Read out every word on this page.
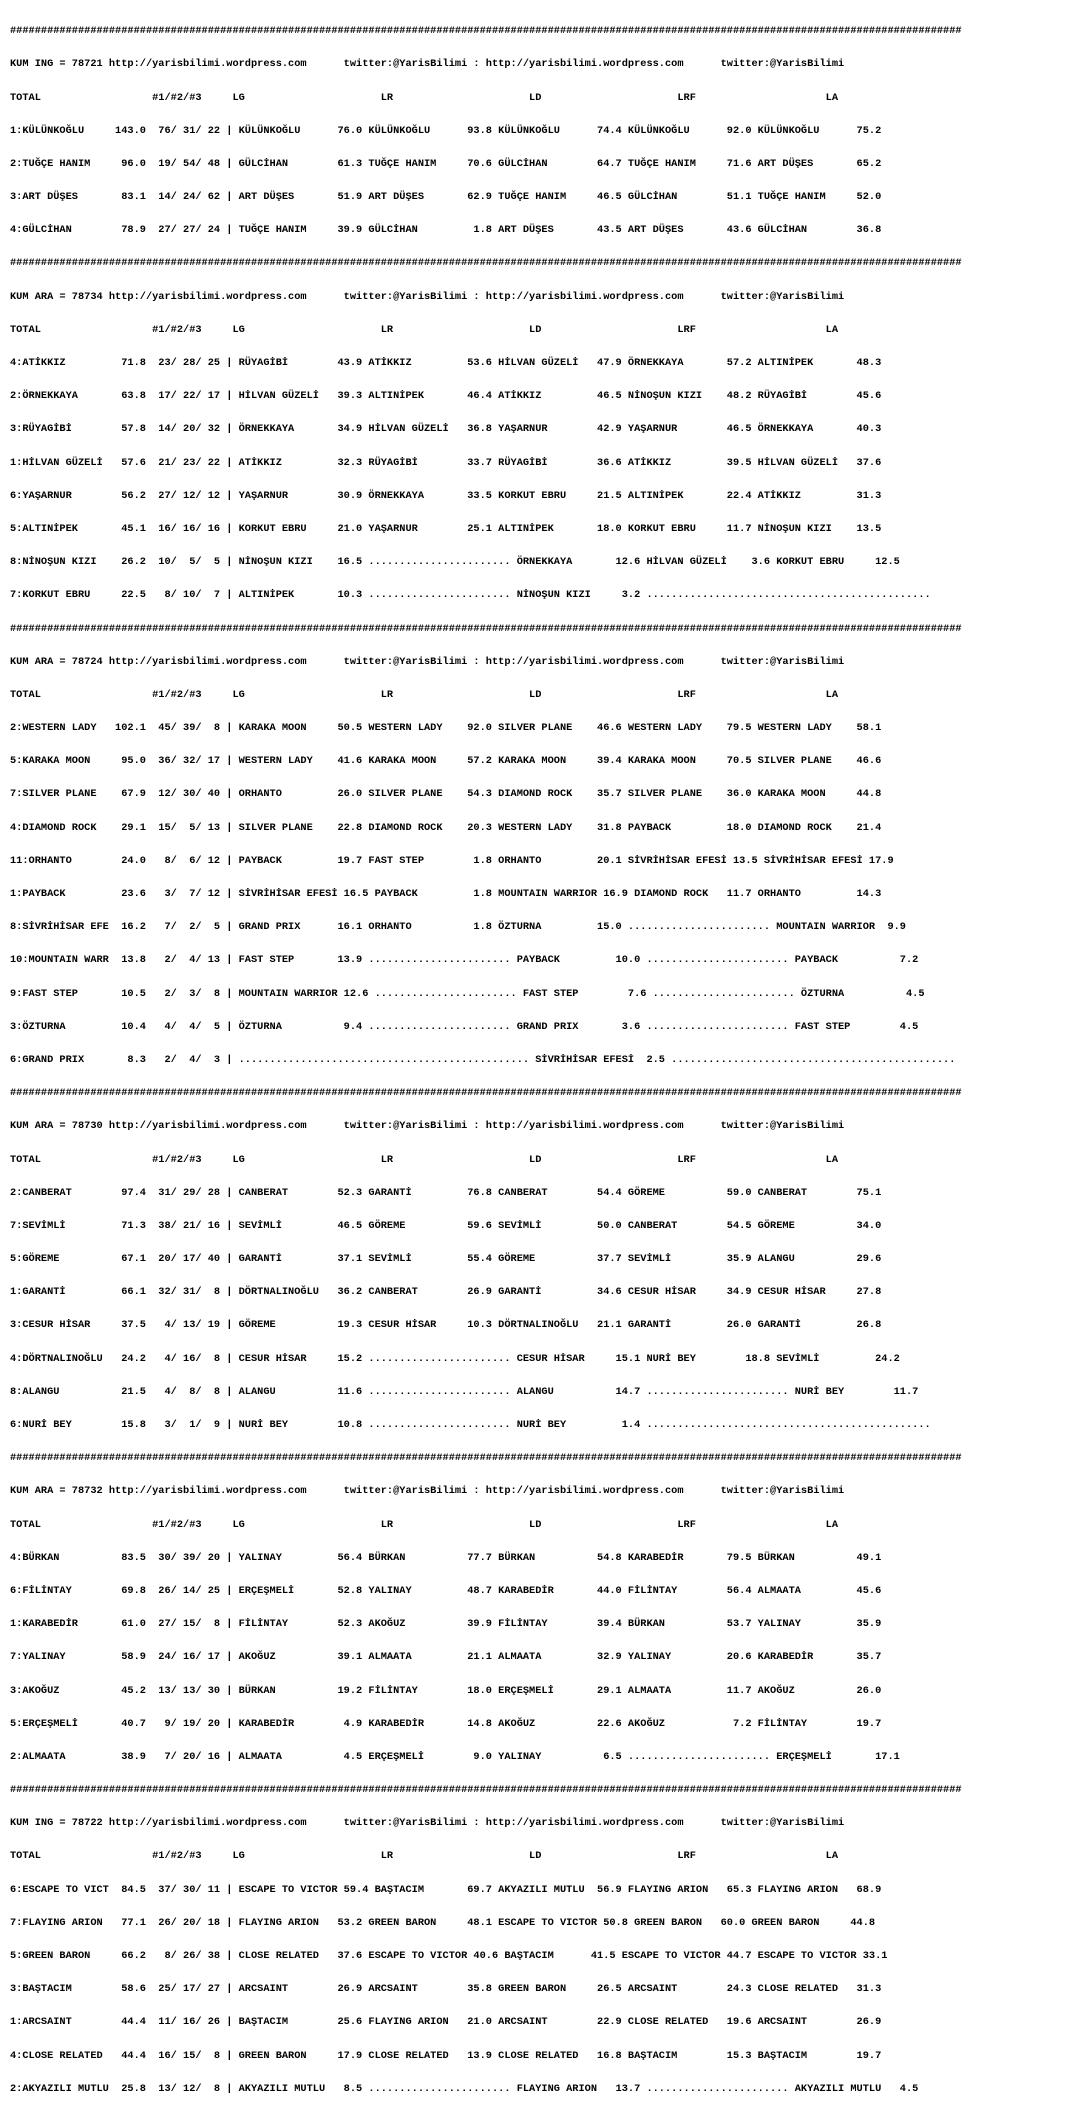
##########################################################################################################################################################

KUM ING = 78721 http://yarisbilimi.wordpress.com      twitter:@YarisBilimi : http://yarisbilimi.wordpress.com      twitter:@YarisBilimi

TOTAL                  #1/#2/#3     LG                      LR                      LD                      LRF                     LA

1:KÜLÜNKOĞLU     143.0  76/ 31/ 22 | KÜLÜNKOĞLU      76.0 KÜLÜNKOĞLU      93.8 KÜLÜNKOĞLU      74.4 KÜLÜNKOĞLU      92.0 KÜLÜNKOĞLU      75.2

2:TUĞÇE HANIM     96.0  19/ 54/ 48 | GÜLCİHAN        61.3 TUĞÇE HANIM     70.6 GÜLCİHAN        64.7 TUĞÇE HANIM     71.6 ART DÜŞES       65.2

3:ART DÜŞES       83.1  14/ 24/ 62 | ART DÜŞES       51.9 ART DÜŞES       62.9 TUĞÇE HANIM     46.5 GÜLCİHAN        51.1 TUĞÇE HANIM     52.0

4:GÜLCİHAN        78.9  27/ 27/ 24 | TUĞÇE HANIM     39.9 GÜLCİHAN         1.8 ART DÜŞES       43.5 ART DÜŞES       43.6 GÜLCİHAN        36.8

##########################################################################################################################################################

KUM ARA = 78734 http://yarisbilimi.wordpress.com      twitter:@YarisBilimi : http://yarisbilimi.wordpress.com      twitter:@YarisBilimi

TOTAL                  #1/#2/#3     LG                      LR                      LD                      LRF                     LA

4:ATİKKIZ         71.8  23/ 28/ 25 | RÜYAGİBİ        43.9 ATİKKIZ         53.6 HİLVAN GÜZELİ   47.9 ÖRNEKKAYA       57.2 ALTINİPEK       48.3

2:ÖRNEKKAYA       63.8  17/ 22/ 17 | HİLVAN GÜZELİ   39.3 ALTINİPEK       46.4 ATİKKIZ         46.5 NİNOŞUN KIZI    48.2 RÜYAGİBİ        45.6

3:RÜYAGİBİ        57.8  14/ 20/ 32 | ÖRNEKKAYA       34.9 HİLVAN GÜZELİ   36.8 YAŞARNUR        42.9 YAŞARNUR        46.5 ÖRNEKKAYA       40.3

1:HİLVAN GÜZELİ   57.6  21/ 23/ 22 | ATİKKIZ         32.3 RÜYAGİBİ        33.7 RÜYAGİBİ        36.6 ATİKKIZ         39.5 HİLVAN GÜZELİ   37.6

6:YAŞARNUR        56.2  27/ 12/ 12 | YAŞARNUR        30.9 ÖRNEKKAYA       33.5 KORKUT EBRU     21.5 ALTINİPEK       22.4 ATİKKIZ         31.3

5:ALTINİPEK       45.1  16/ 16/ 16 | KORKUT EBRU     21.0 YAŞARNUR        25.1 ALTINİPEK       18.0 KORKUT EBRU     11.7 NİNOŞUN KIZI    13.5

8:NİNOŞUN KIZI    26.2  10/  5/  5 | NİNOŞUN KIZI    16.5 ....................... ÖRNEKKAYA       12.6 HİLVAN GÜZELİ    3.6 KORKUT EBRU     12.5

7:KORKUT EBRU     22.5   8/ 10/  7 | ALTINİPEK       10.3 ....................... NİNOŞUN KIZI     3.2 ..............................................

##########################################################################################################################################################

KUM ARA = 78724 http://yarisbilimi.wordpress.com      twitter:@YarisBilimi : http://yarisbilimi.wordpress.com      twitter:@YarisBilimi

TOTAL                  #1/#2/#3     LG                      LR                      LD                      LRF                     LA

2:WESTERN LADY   102.1  45/ 39/  8 | KARAKA MOON     50.5 WESTERN LADY    92.0 SILVER PLANE    46.6 WESTERN LADY    79.5 WESTERN LADY    58.1

5:KARAKA MOON     95.0  36/ 32/ 17 | WESTERN LADY    41.6 KARAKA MOON     57.2 KARAKA MOON     39.4 KARAKA MOON     70.5 SILVER PLANE    46.6

7:SILVER PLANE    67.9  12/ 30/ 40 | ORHANTO         26.0 SILVER PLANE    54.3 DIAMOND ROCK    35.7 SILVER PLANE    36.0 KARAKA MOON     44.8

4:DIAMOND ROCK    29.1  15/  5/ 13 | SILVER PLANE    22.8 DIAMOND ROCK    20.3 WESTERN LADY    31.8 PAYBACK         18.0 DIAMOND ROCK    21.4

11:ORHANTO        24.0   8/  6/ 12 | PAYBACK         19.7 FAST STEP        1.8 ORHANTO         20.1 SİVRİHİSAR EFESİ 13.5 SİVRİHİSAR EFESİ 17.9

1:PAYBACK         23.6   3/  7/ 12 | SİVRİHİSAR EFESİ 16.5 PAYBACK         1.8 MOUNTAIN WARRIOR 16.9 DIAMOND ROCK   11.7 ORHANTO         14.3

8:SİVRİHİSAR EFE  16.2   7/  2/  5 | GRAND PRIX      16.1 ORHANTO          1.8 ÖZTURNA         15.0 ....................... MOUNTAIN WARRIOR  9.9

10:MOUNTAIN WARR  13.8   2/  4/ 13 | FAST STEP       13.9 ....................... PAYBACK         10.0 ....................... PAYBACK          7.2

9:FAST STEP       10.5   2/  3/  8 | MOUNTAIN WARRIOR 12.6 ....................... FAST STEP        7.6 ....................... ÖZTURNA          4.5

3:ÖZTURNA         10.4   4/  4/  5 | ÖZTURNA          9.4 ....................... GRAND PRIX       3.6 ....................... FAST STEP        4.5

6:GRAND PRIX       8.3   2/  4/  3 | ............................................... SİVRİHİSAR EFESİ  2.5 ..............................................

##########################################################################################################################################################

KUM ARA = 78730 http://yarisbilimi.wordpress.com      twitter:@YarisBilimi : http://yarisbilimi.wordpress.com      twitter:@YarisBilimi

TOTAL                  #1/#2/#3     LG                      LR                      LD                      LRF                     LA

2:CANBERAT        97.4  31/ 29/ 28 | CANBERAT        52.3 GARANTİ         76.8 CANBERAT        54.4 GÖREME          59.0 CANBERAT        75.1

7:SEVİMLİ         71.3  38/ 21/ 16 | SEVİMLİ         46.5 GÖREME          59.6 SEVİMLİ         50.0 CANBERAT        54.5 GÖREME          34.0

5:GÖREME          67.1  20/ 17/ 40 | GARANTİ         37.1 SEVİMLİ         55.4 GÖREME          37.7 SEVİMLİ         35.9 ALANGU          29.6

1:GARANTİ         66.1  32/ 31/  8 | DÖRTNALINOĞLU   36.2 CANBERAT        26.9 GARANTİ         34.6 CESUR HİSAR     34.9 CESUR HİSAR     27.8

3:CESUR HİSAR     37.5   4/ 13/ 19 | GÖREME          19.3 CESUR HİSAR     10.3 DÖRTNALINOĞLU   21.1 GARANTİ         26.0 GARANTİ         26.8

4:DÖRTNALINOĞLU   24.2   4/ 16/  8 | CESUR HİSAR     15.2 ....................... CESUR HİSAR     15.1 NURİ BEY        18.8 SEVİMLİ         24.2

8:ALANGU          21.5   4/  8/  8 | ALANGU          11.6 ....................... ALANGU          14.7 ....................... NURİ BEY        11.7

6:NURİ BEY        15.8   3/  1/  9 | NURİ BEY        10.8 ....................... NURİ BEY         1.4 ..............................................

##########################################################################################################################################################

KUM ARA = 78732 http://yarisbilimi.wordpress.com      twitter:@YarisBilimi : http://yarisbilimi.wordpress.com      twitter:@YarisBilimi

TOTAL                  #1/#2/#3     LG                      LR                      LD                      LRF                     LA

4:BÜRKAN          83.5  30/ 39/ 20 | YALINAY         56.4 BÜRKAN          77.7 BÜRKAN          54.8 KARABEDİR       79.5 BÜRKAN          49.1

6:FİLİNTAY        69.8  26/ 14/ 25 | ERÇEŞMELİ       52.8 YALINAY         48.7 KARABEDİR       44.0 FİLİNTAY        56.4 ALMAATA         45.6

1:KARABEDİR       61.0  27/ 15/  8 | FİLİNTAY        52.3 AKOĞUZ          39.9 FİLİNTAY        39.4 BÜRKAN          53.7 YALINAY         35.9

7:YALINAY         58.9  24/ 16/ 17 | AKOĞUZ          39.1 ALMAATA         21.1 ALMAATA         32.9 YALINAY         20.6 KARABEDİR       35.7

3:AKOĞUZ          45.2  13/ 13/ 30 | BÜRKAN          19.2 FİLİNTAY        18.0 ERÇEŞMELİ       29.1 ALMAATA         11.7 AKOĞUZ          26.0

5:ERÇEŞMELİ       40.7   9/ 19/ 20 | KARABEDİR        4.9 KARABEDİR       14.8 AKOĞUZ          22.6 AKOĞUZ           7.2 FİLİNTAY        19.7

2:ALMAATA         38.9   7/ 20/ 16 | ALMAATA          4.5 ERÇEŞMELİ        9.0 YALINAY          6.5 ....................... ERÇEŞMELİ       17.1

##########################################################################################################################################################

KUM ING = 78722 http://yarisbilimi.wordpress.com      twitter:@YarisBilimi : http://yarisbilimi.wordpress.com      twitter:@YarisBilimi

TOTAL                  #1/#2/#3     LG                      LR                      LD                      LRF                     LA

6:ESCAPE TO VICT  84.5  37/ 30/ 11 | ESCAPE TO VICTOR 59.4 BAŞTACIM       69.7 AKYAZILI MUTLU  56.9 FLAYING ARION   65.3 FLAYING ARION   68.9

7:FLAYING ARION   77.1  26/ 20/ 18 | FLAYING ARION   53.2 GREEN BARON     48.1 ESCAPE TO VICTOR 50.8 GREEN BARON   60.0 GREEN BARON     44.8

5:GREEN BARON     66.2   8/ 26/ 38 | CLOSE RELATED   37.6 ESCAPE TO VICTOR 40.6 BAŞTACIM      41.5 ESCAPE TO VICTOR 44.7 ESCAPE TO VICTOR 33.1

3:BAŞTACIM        58.6  25/ 17/ 27 | ARCSAINT        26.9 ARCSAINT        35.8 GREEN BARON     26.5 ARCSAINT        24.3 CLOSE RELATED   31.3

1:ARCSAINT        44.4  11/ 16/ 26 | BAŞTACIM        25.6 FLAYING ARION   21.0 ARCSAINT        22.9 CLOSE RELATED   19.6 ARCSAINT        26.9

4:CLOSE RELATED   44.4  16/ 15/  8 | GREEN BARON     17.9 CLOSE RELATED   13.9 CLOSE RELATED   16.8 BAŞTACIM        15.3 BAŞTACIM        19.7

2:AKYAZILI MUTLU  25.8  13/ 12/  8 | AKYAZILI MUTLU   8.5 ....................... FLAYING ARION   13.7 ....................... AKYAZILI MUTLU   4.5
